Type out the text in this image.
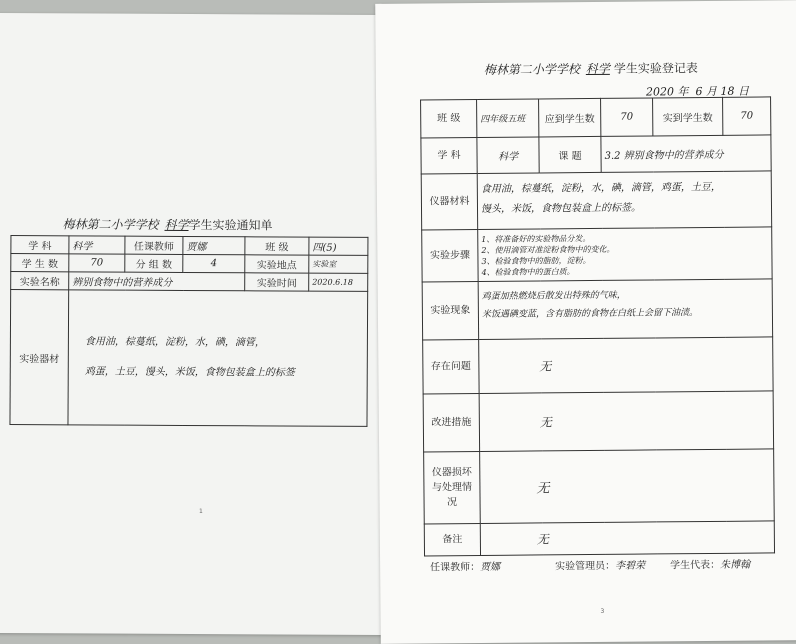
梅林第二小学学校 科学学生实验通知单
学 科	科学	任课教师	贾娜	班 级	四(5)
学 生 数	70	分 组 数	4	实验地点	实验室
实验名称	辨别食物中的营养成分			实验时间	2020.6.18
实验器材	食用油，棕蔓纸，淀粉，水，碘，滴管，
鸡蛋，土豆，馒头，米饭，食物包装盒上的标签				
1
梅林第二小学学校 科学 学生实验登记表
2020 年  6 月 18 日
班 级	四年级五班	应到学生数	70	实到学生数	70
学 科	科学	课 题	3.2 辨别食物中的营养成分		
仪器材料	食用油，棕蔓纸，淀粉，水，碘，滴管，鸡蛋，土豆，
馒头，米饭，食物包装盒上的标签。				

实验步骤	1、将准备好的实验物品分发。
2、使用滴管对准淀粉食物中的变化。
3、检验食物中的脂肪，淀粉。
4、检验食物中的蛋白质。				

实验现象	鸡蛋加热燃烧后散发出特殊的气味，
米饭遇碘变蓝，含有脂肪的食物在白纸上会留下油渍。				

存在问题	无				
改进措施	无				
仪器损坏与处理情况	无				
备注	无				
任课教师：贾娜	实验管理员：李碧荣 学生代表：朱博翰
3
